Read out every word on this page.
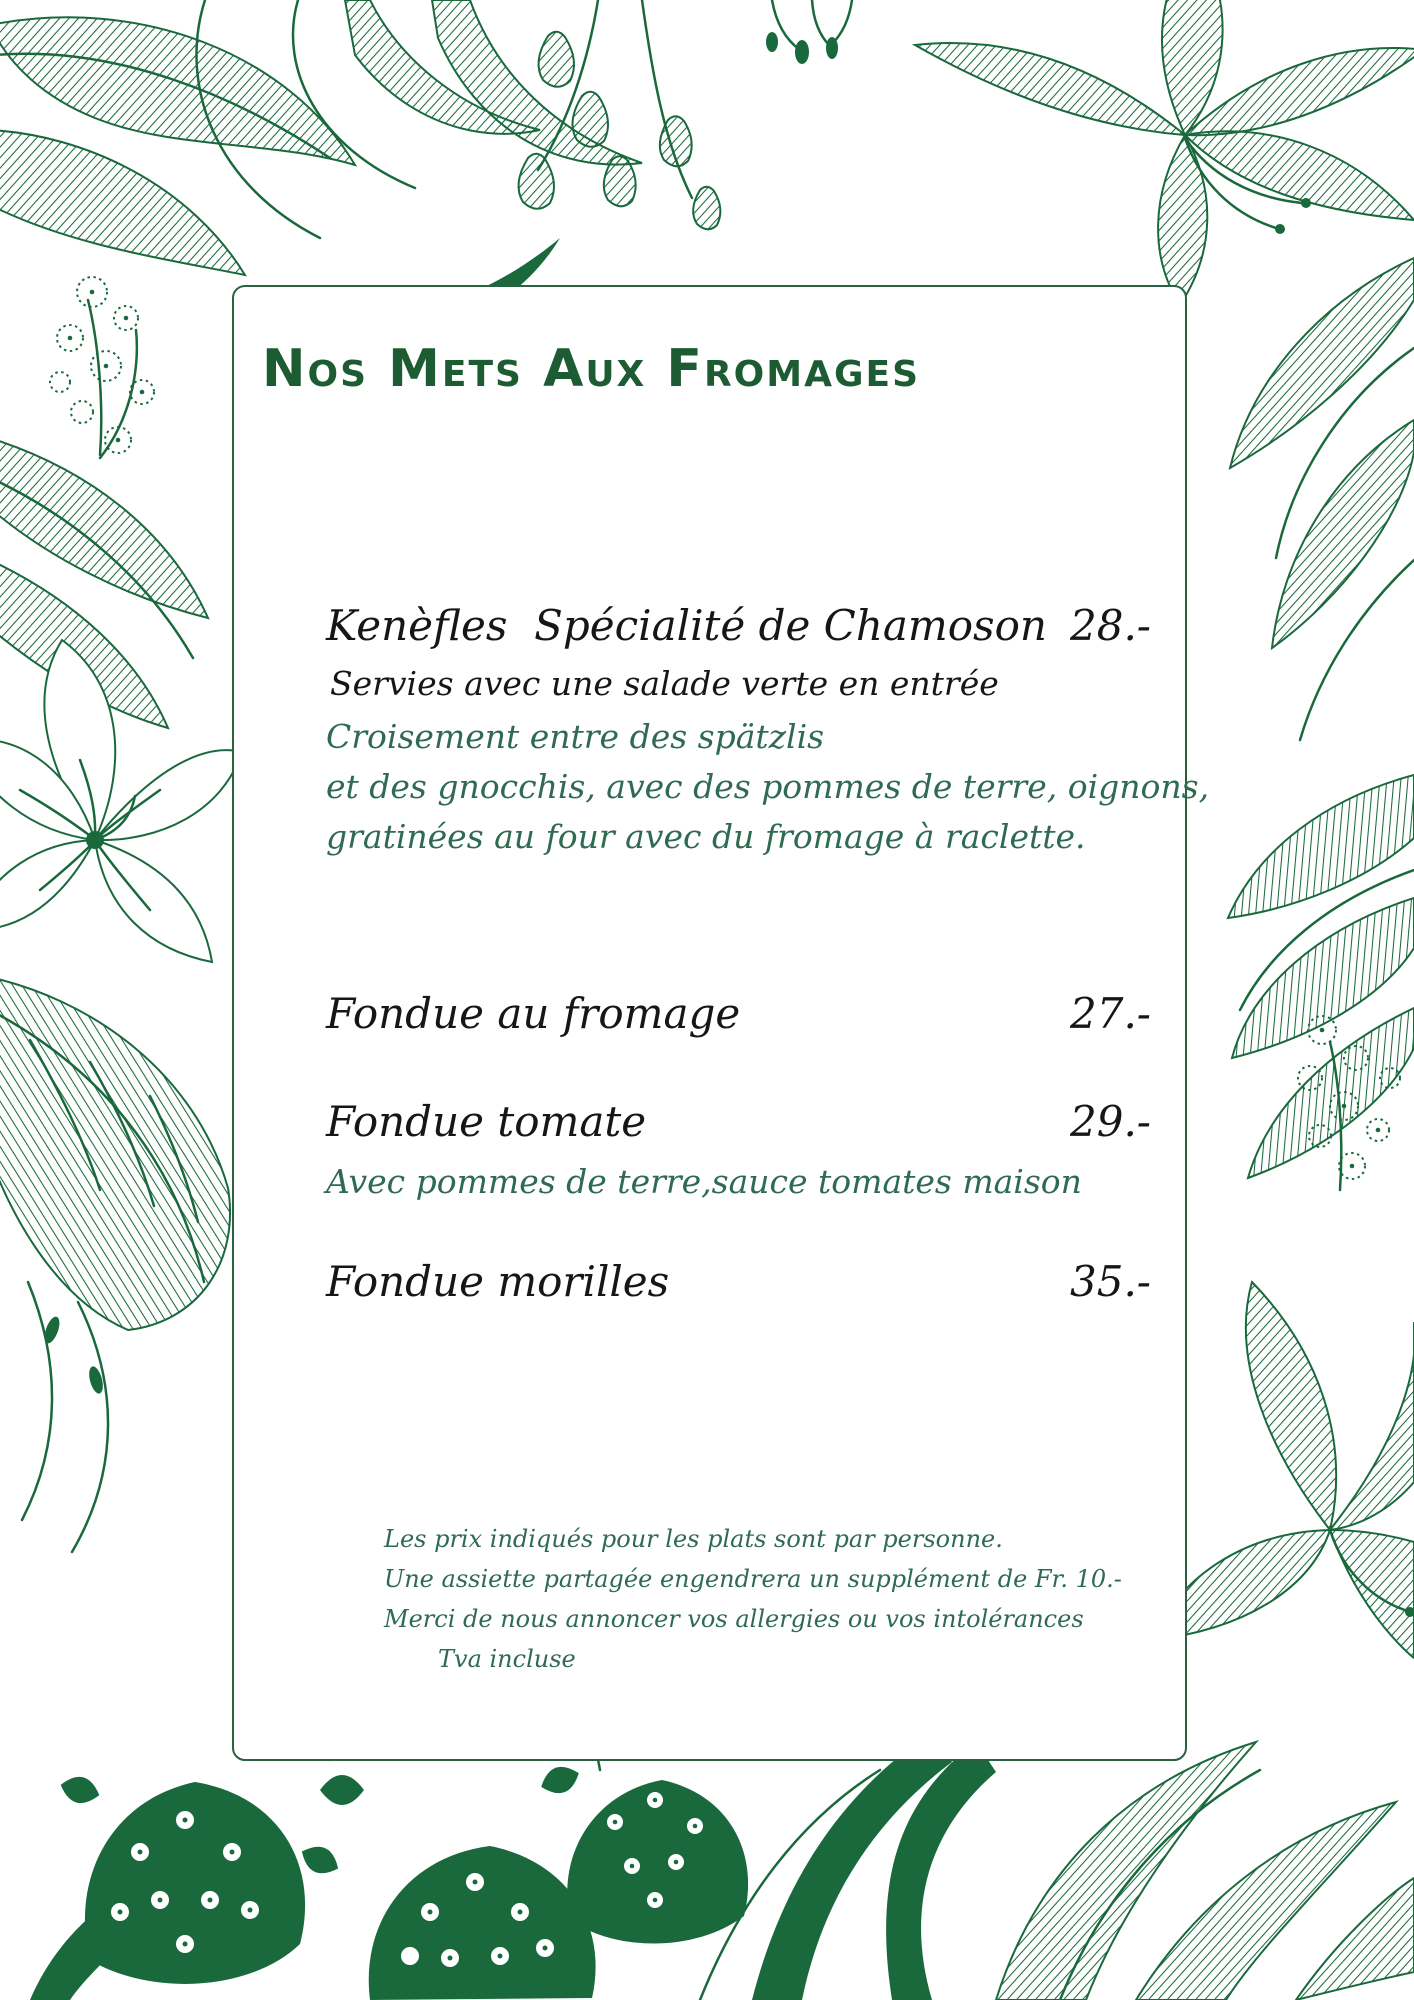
Nos Mets Aux Fromages
Kenèfles  Spécialité de Chamoson 28.-
Servies avec une salade verte en entrée
Croisement entre des spätzlis
et des gnocchis, avec des pommes de terre, oignons,
gratinées au four avec du fromage à raclette.
Fondue au fromage	27.-
Fondue tomate	29.-
Avec pommes de terre,sauce tomates maison
Fondue morilles	35.-
Les prix indiqués pour les plats sont par personne.
Une assiette partagée engendrera un supplément de Fr. 10.-
Merci de nous annoncer vos allergies ou vos intolérances
Tva incluse
